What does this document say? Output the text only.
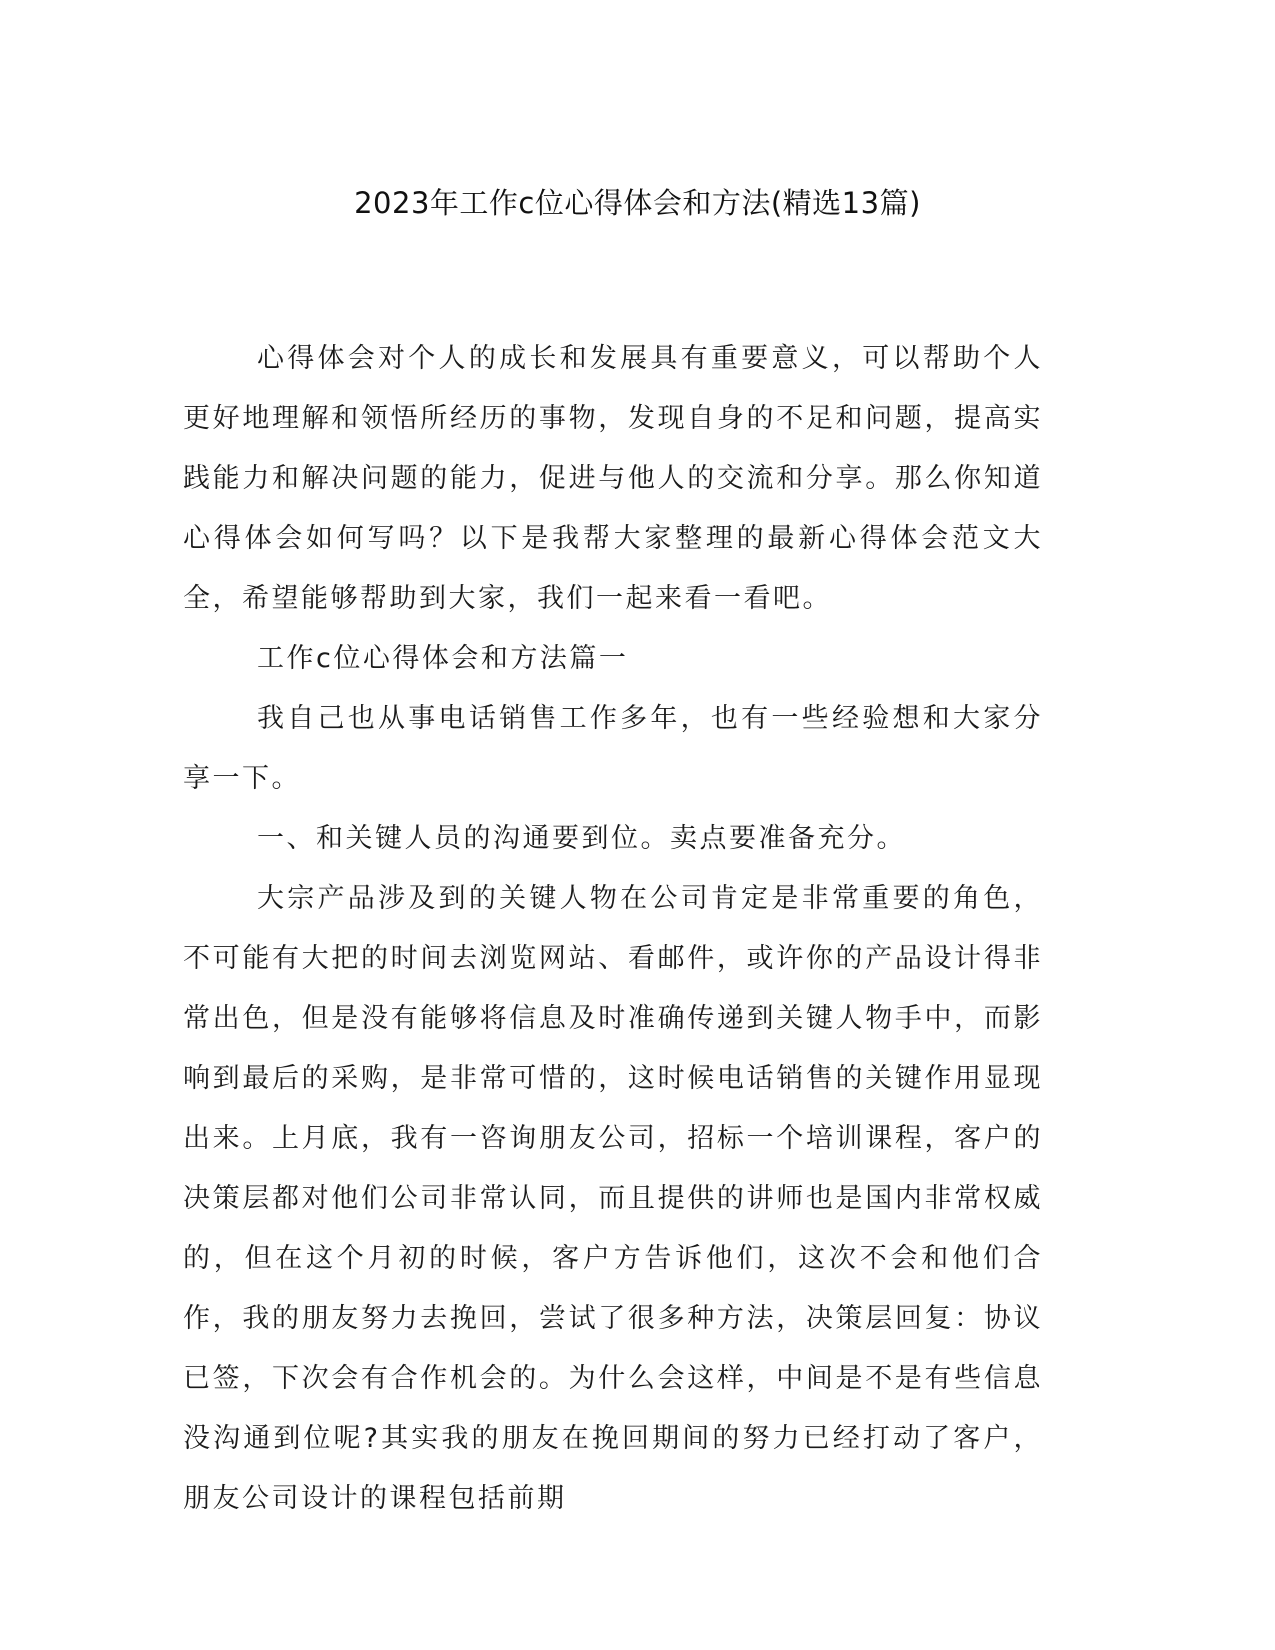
2023年工作c位心得体会和方法(精选13篇)

心得体会对个人的成长和发展具有重要意义，可以帮助个人更好地理解和领悟所经历的事物，发现自身的不足和问题，提高实践能力和解决问题的能力，促进与他人的交流和分享。那么你知道心得体会如何写吗？以下是我帮大家整理的最新心得体会范文大全，希望能够帮助到大家，我们一起来看一看吧。

工作c位心得体会和方法篇一

我自己也从事电话销售工作多年，也有一些经验想和大家分享一下。

一、和关键人员的沟通要到位。卖点要准备充分。

大宗产品涉及到的关键人物在公司肯定是非常重要的角色，不可能有大把的时间去浏览网站、看邮件，或许你的产品设计得非常出色，但是没有能够将信息及时准确传递到关键人物手中，而影响到最后的采购，是非常可惜的，这时候电话销售的关键作用显现出来。上月底，我有一咨询朋友公司，招标一个培训课程，客户的决策层都对他们公司非常认同，而且提供的讲师也是国内非常权威的，但在这个月初的时候，客户方告诉他们，这次不会和他们合作，我的朋友努力去挽回，尝试了很多种方法，决策层回复：协议已签，下次会有合作机会的。为什么会这样，中间是不是有些信息没沟通到位呢?其实我的朋友在挽回期间的努力已经打动了客户，朋友公司设计的课程包括前期
